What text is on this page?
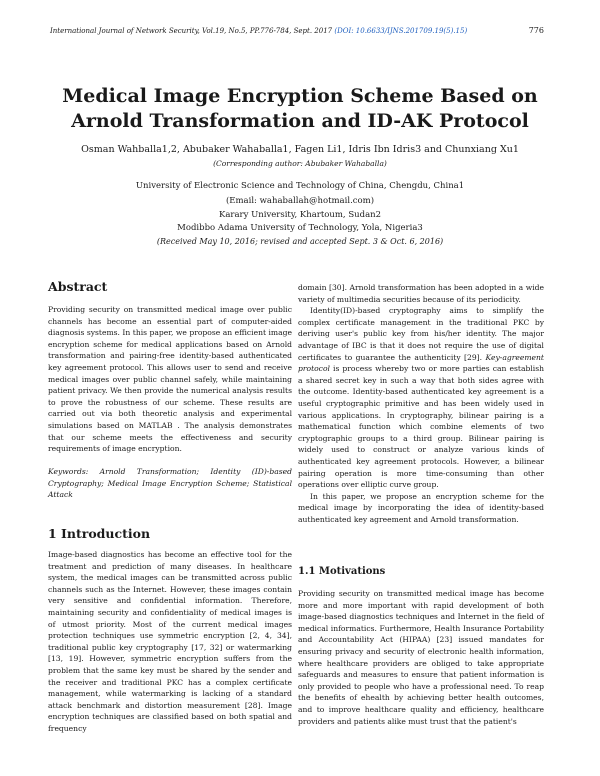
International Journal of Network Security, Vol.19, No.5, PP.776-784, Sept. 2017 (DOI: 10.6633/IJNS.201709.19(5).15)	776
Medical Image Encryption Scheme Based on
Arnold Transformation and ID-AK Protocol
Osman Wahballa1,2, Abubaker Wahaballa1, Fagen Li1, Idris Ibn Idris3 and Chunxiang Xu1
(Corresponding author: Abubaker Wahaballa)
University of Electronic Science and Technology of China, Chengdu, China1
(Email: wahaballah@hotmail.com)
Karary University, Khartoum, Sudan2
Modibbo Adama University of Technology, Yola, Nigeria3
(Received May 10, 2016; revised and accepted Sept. 3 & Oct. 6, 2016)
Abstract

Providing security on transmitted medical image over public channels has become an essential part of computer-aided diagnosis systems. In this paper, we propose an efficient image encryption scheme for medical applications based on Arnold transformation and pairing-free identity-based authenticated key agreement protocol. This allows user to send and receive medical images over public channel safely, while maintaining patient privacy. We then provide the numerical analysis results to prove the robustness of our scheme. These results are carried out via both theoretic analysis and experimental simulations based on MATLAB . The analysis demonstrates that our scheme meets the effectiveness and security requirements of image encryption.

Keywords: Arnold Transformation; Identity (ID)-based Cryptography; Medical Image Encryption Scheme; Statistical Attack

1 Introduction

Image-based diagnostics has become an effective tool for the treatment and prediction of many diseases. In healthcare system, the medical images can be transmitted across public channels such as the Internet. However, these images contain very sensitive and confidential information. Therefore, maintaining security and confidentiality of medical images is of utmost priority. Most of the current medical images protection techniques use symmetric encryption [2, 4, 34], traditional public key cryptography [17, 32] or watermarking [13, 19]. However, symmetric encryption suffers from the problem that the same key must be shared by the sender and the receiver and traditional PKC has a complex certificate management, while watermarking is lacking of a standard attack benchmark and distortion measurement [28]. Image encryption techniques are classified based on both spatial and frequency

domain [30]. Arnold transformation has been adopted in a wide variety of multimedia securities because of its periodicity.

Identity(ID)-based cryptography aims to simplify the complex certificate management in the traditional PKC by deriving user's public key from his/her identity. The major advantage of IBC is that it does not require the use of digital certificates to guarantee the authenticity [29]. Key-agreement protocol is process whereby two or more parties can establish a shared secret key in such a way that both sides agree with the outcome. Identity-based authenticated key agreement is a useful cryptographic primitive and has been widely used in various applications. In cryptography, bilinear pairing is a mathematical function which combine elements of two cryptographic groups to a third group. Bilinear pairing is widely used to construct or analyze various kinds of authenticated key agreement protocols. However, a bilinear pairing operation is more time-consuming than other operations over elliptic curve group.

In this paper, we propose an encryption scheme for the medical image by incorporating the idea of identity-based authenticated key agreement and Arnold transformation.

1.1 Motivations

Providing security on transmitted medical image has become more and more important with rapid development of both image-based diagnostics techniques and Internet in the field of medical informatics. Furthermore, Health Insurance Portability and Accountability Act (HIPAA) [23] issued mandates for ensuring privacy and security of electronic health information, where healthcare providers are obliged to take appropriate safeguards and measures to ensure that patient information is only provided to people who have a professional need. To reap the benefits of ehealth by achieving better health outcomes, and to improve healthcare quality and efficiency, healthcare providers and patients alike must trust that the patient's
